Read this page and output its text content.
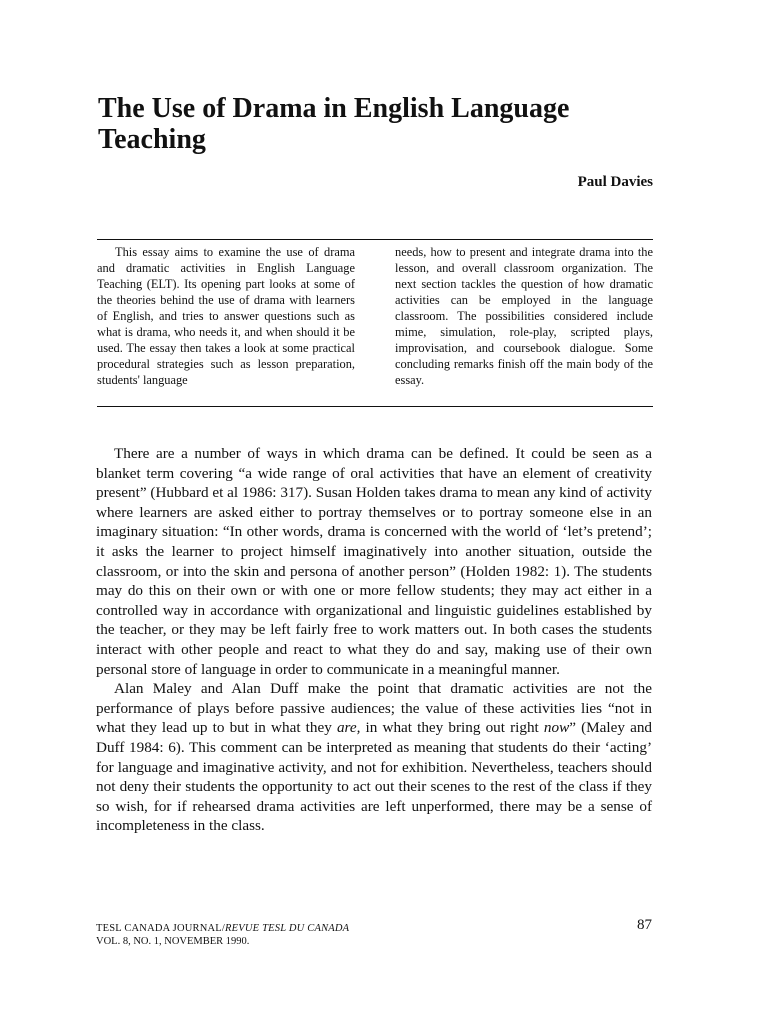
The Use of Drama in English Language Teaching
Paul Davies
This essay aims to examine the use of drama and dramatic activities in English Language Teaching (ELT). Its opening part looks at some of the theories behind the use of drama with learners of English, and tries to answer questions such as what is drama, who needs it, and when should it be used. The essay then takes a look at some practical procedural strategies such as lesson preparation, students' language
needs, how to present and integrate drama into the lesson, and overall classroom organization. The next section tackles the question of how dramatic activities can be employed in the language classroom. The possibilities considered include mime, simulation, role-play, scripted plays, improvisation, and coursebook dialogue. Some concluding remarks finish off the main body of the essay.

There are a number of ways in which drama can be defined. It could be seen as a blanket term covering “a wide range of oral activities that have an element of creativity present” (Hubbard et al 1986: 317). Susan Holden takes drama to mean any kind of activity where learners are asked either to portray themselves or to portray someone else in an imaginary situation: “In other words, drama is concerned with the world of ‘let’s pretend’; it asks the learner to project himself imaginatively into another situation, outside the classroom, or into the skin and persona of another person” (Holden 1982: 1). The students may do this on their own or with one or more fellow students; they may act either in a controlled way in accordance with organizational and linguistic guidelines established by the teacher, or they may be left fairly free to work matters out. In both cases the students interact with other people and react to what they do and say, making use of their own personal store of language in order to communicate in a meaningful manner.

Alan Maley and Alan Duff make the point that dramatic activities are not the performance of plays before passive audiences; the value of these activities lies “not in what they lead up to but in what they are, in what they bring out right now” (Maley and Duff 1984: 6). This comment can be interpreted as meaning that students do their ‘acting’ for language and imaginative activity, and not for exhibition. Nevertheless, teachers should not deny their students the opportunity to act out their scenes to the rest of the class if they so wish, for if rehearsed drama activities are left unperformed, there may be a sense of incompleteness in the class.

TESL CANADA JOURNAL/REVUE TESL DU CANADA
VOL. 8, NO. 1, NOVEMBER 1990.
87
